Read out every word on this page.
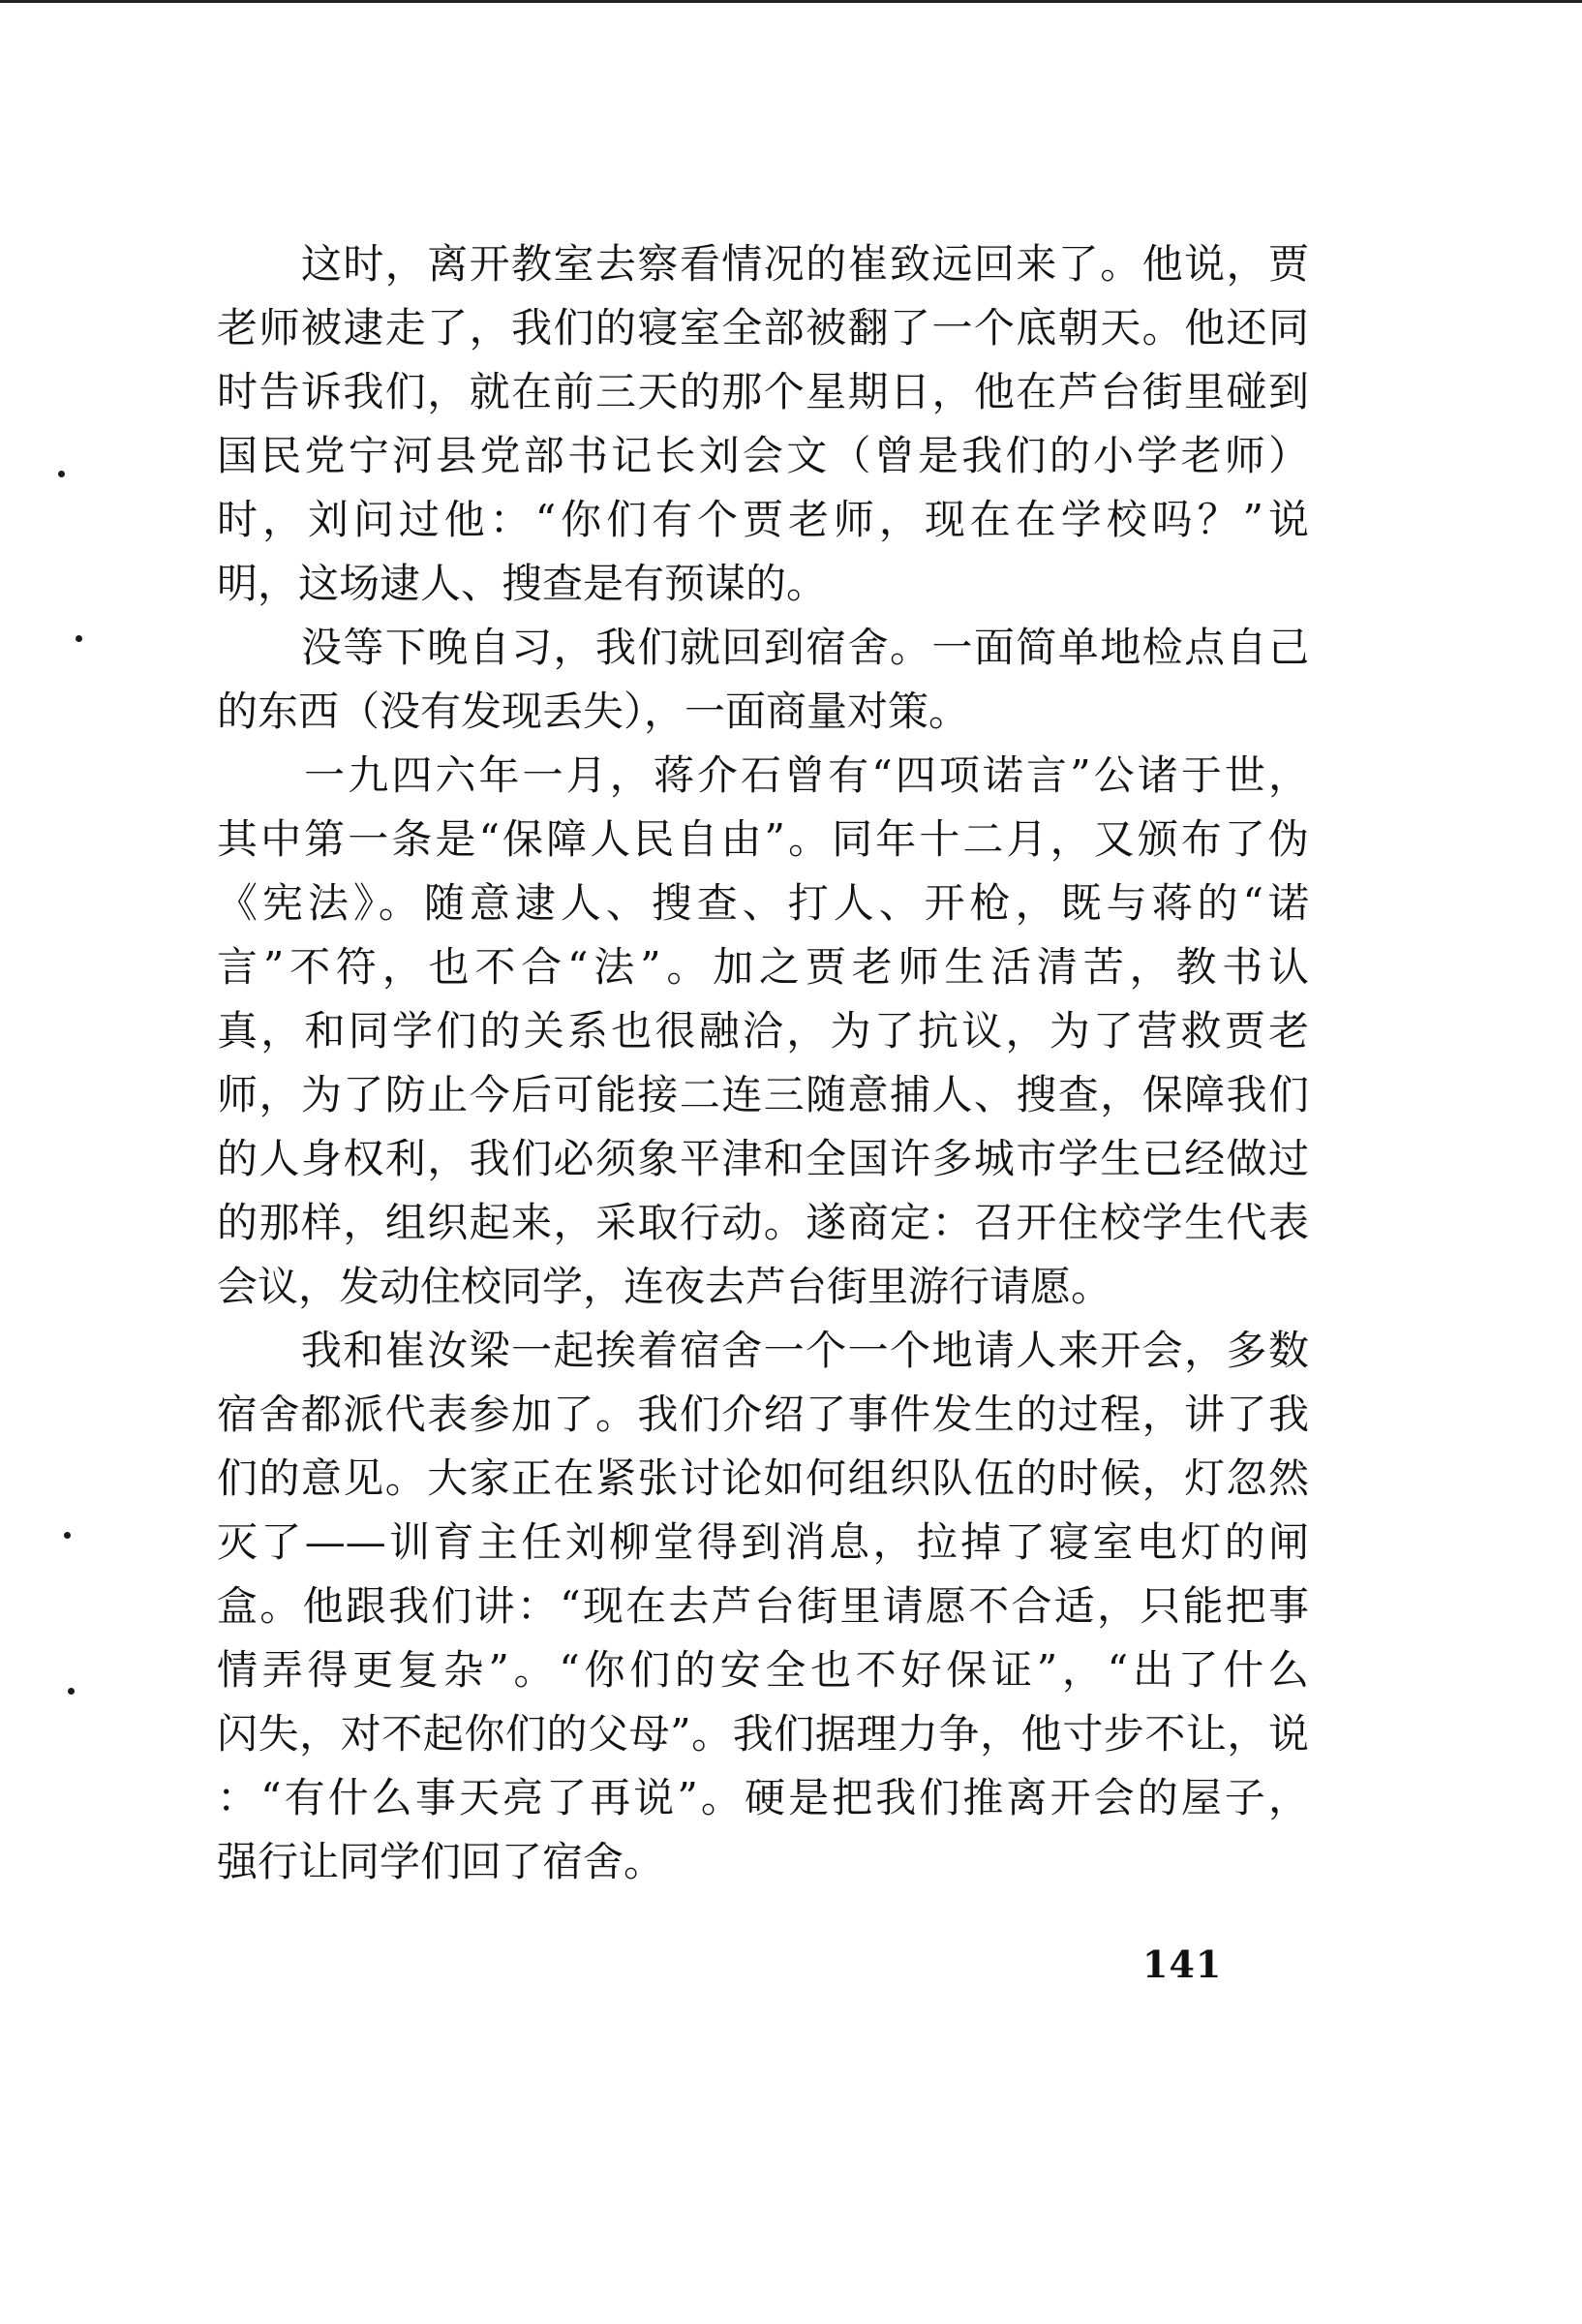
　　这时，离开教室去察看情况的崔致远回来了。他说，贾
老师被逮走了，我们的寝室全部被翻了一个底朝天。他还同
时告诉我们，就在前三天的那个星期日，他在芦台街里碰到
国民党宁河县党部书记长刘会文（曾是我们的小学老师）
时，刘问过他：“你们有个贾老师，现在在学校吗？”说
明，这场逮人、搜查是有预谋的。
　　没等下晚自习，我们就回到宿舍。一面简单地检点自己
的东西（没有发现丢失），一面商量对策。
　　一九四六年一月，蒋介石曾有“四项诺言”公诸于世，
其中第一条是“保障人民自由”。同年十二月，又颁布了伪
《宪法》。随意逮人、搜查、打人、开枪，既与蒋的“诺
言”不符，也不合“法”。加之贾老师生活清苦，教书认
真，和同学们的关系也很融洽，为了抗议，为了营救贾老
师，为了防止今后可能接二连三随意捕人、搜查，保障我们
的人身权利，我们必须象平津和全国许多城市学生已经做过
的那样，组织起来，采取行动。遂商定：召开住校学生代表
会议，发动住校同学，连夜去芦台街里游行请愿。
　　我和崔汝梁一起挨着宿舍一个一个地请人来开会，多数
宿舍都派代表参加了。我们介绍了事件发生的过程，讲了我
们的意见。大家正在紧张讨论如何组织队伍的时候，灯忽然
灭了——训育主任刘柳堂得到消息，拉掉了寝室电灯的闸
盒。他跟我们讲：“现在去芦台街里请愿不合适，只能把事
情弄得更复杂”。“你们的安全也不好保证”，“出了什么
闪失，对不起你们的父母”。我们据理力争，他寸步不让，说
：“有什么事天亮了再说”。硬是把我们推离开会的屋子，
强行让同学们回了宿舍。
141
